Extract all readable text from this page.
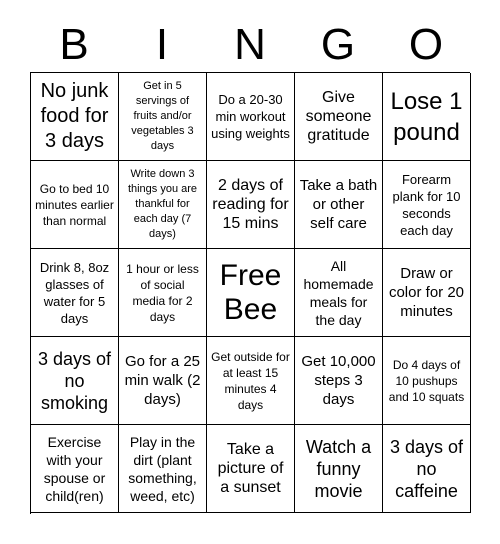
B	I	N	G	O
No junk food for 3 days
Get in 5 servings of fruits and/or vegetables 3 days
Do a 20-30 min workout using weights
Give someone gratitude
Lose 1 pound
Go to bed 10 minutes earlier than normal
Write down 3 things you are thankful for each day (7 days)
2 days of reading for 15 mins
Take a bath or other self care
Forearm plank for 10 seconds each day
Drink 8, 8oz glasses of water for 5 days
1 hour or less of social media for 2 days
Free Bee
All homemade meals for the day
Draw or color for 20 minutes
3 days of no smoking
Go for a 25 min walk (2 days)
Get outside for at least 15 minutes 4 days
Get 10,000 steps 3 days
Do 4 days of 10 pushups and 10 squats
Exercise with your spouse or child(ren)
Play in the dirt (plant something, weed, etc)
Take a picture of a sunset
Watch a funny movie
3 days of no caffeine
